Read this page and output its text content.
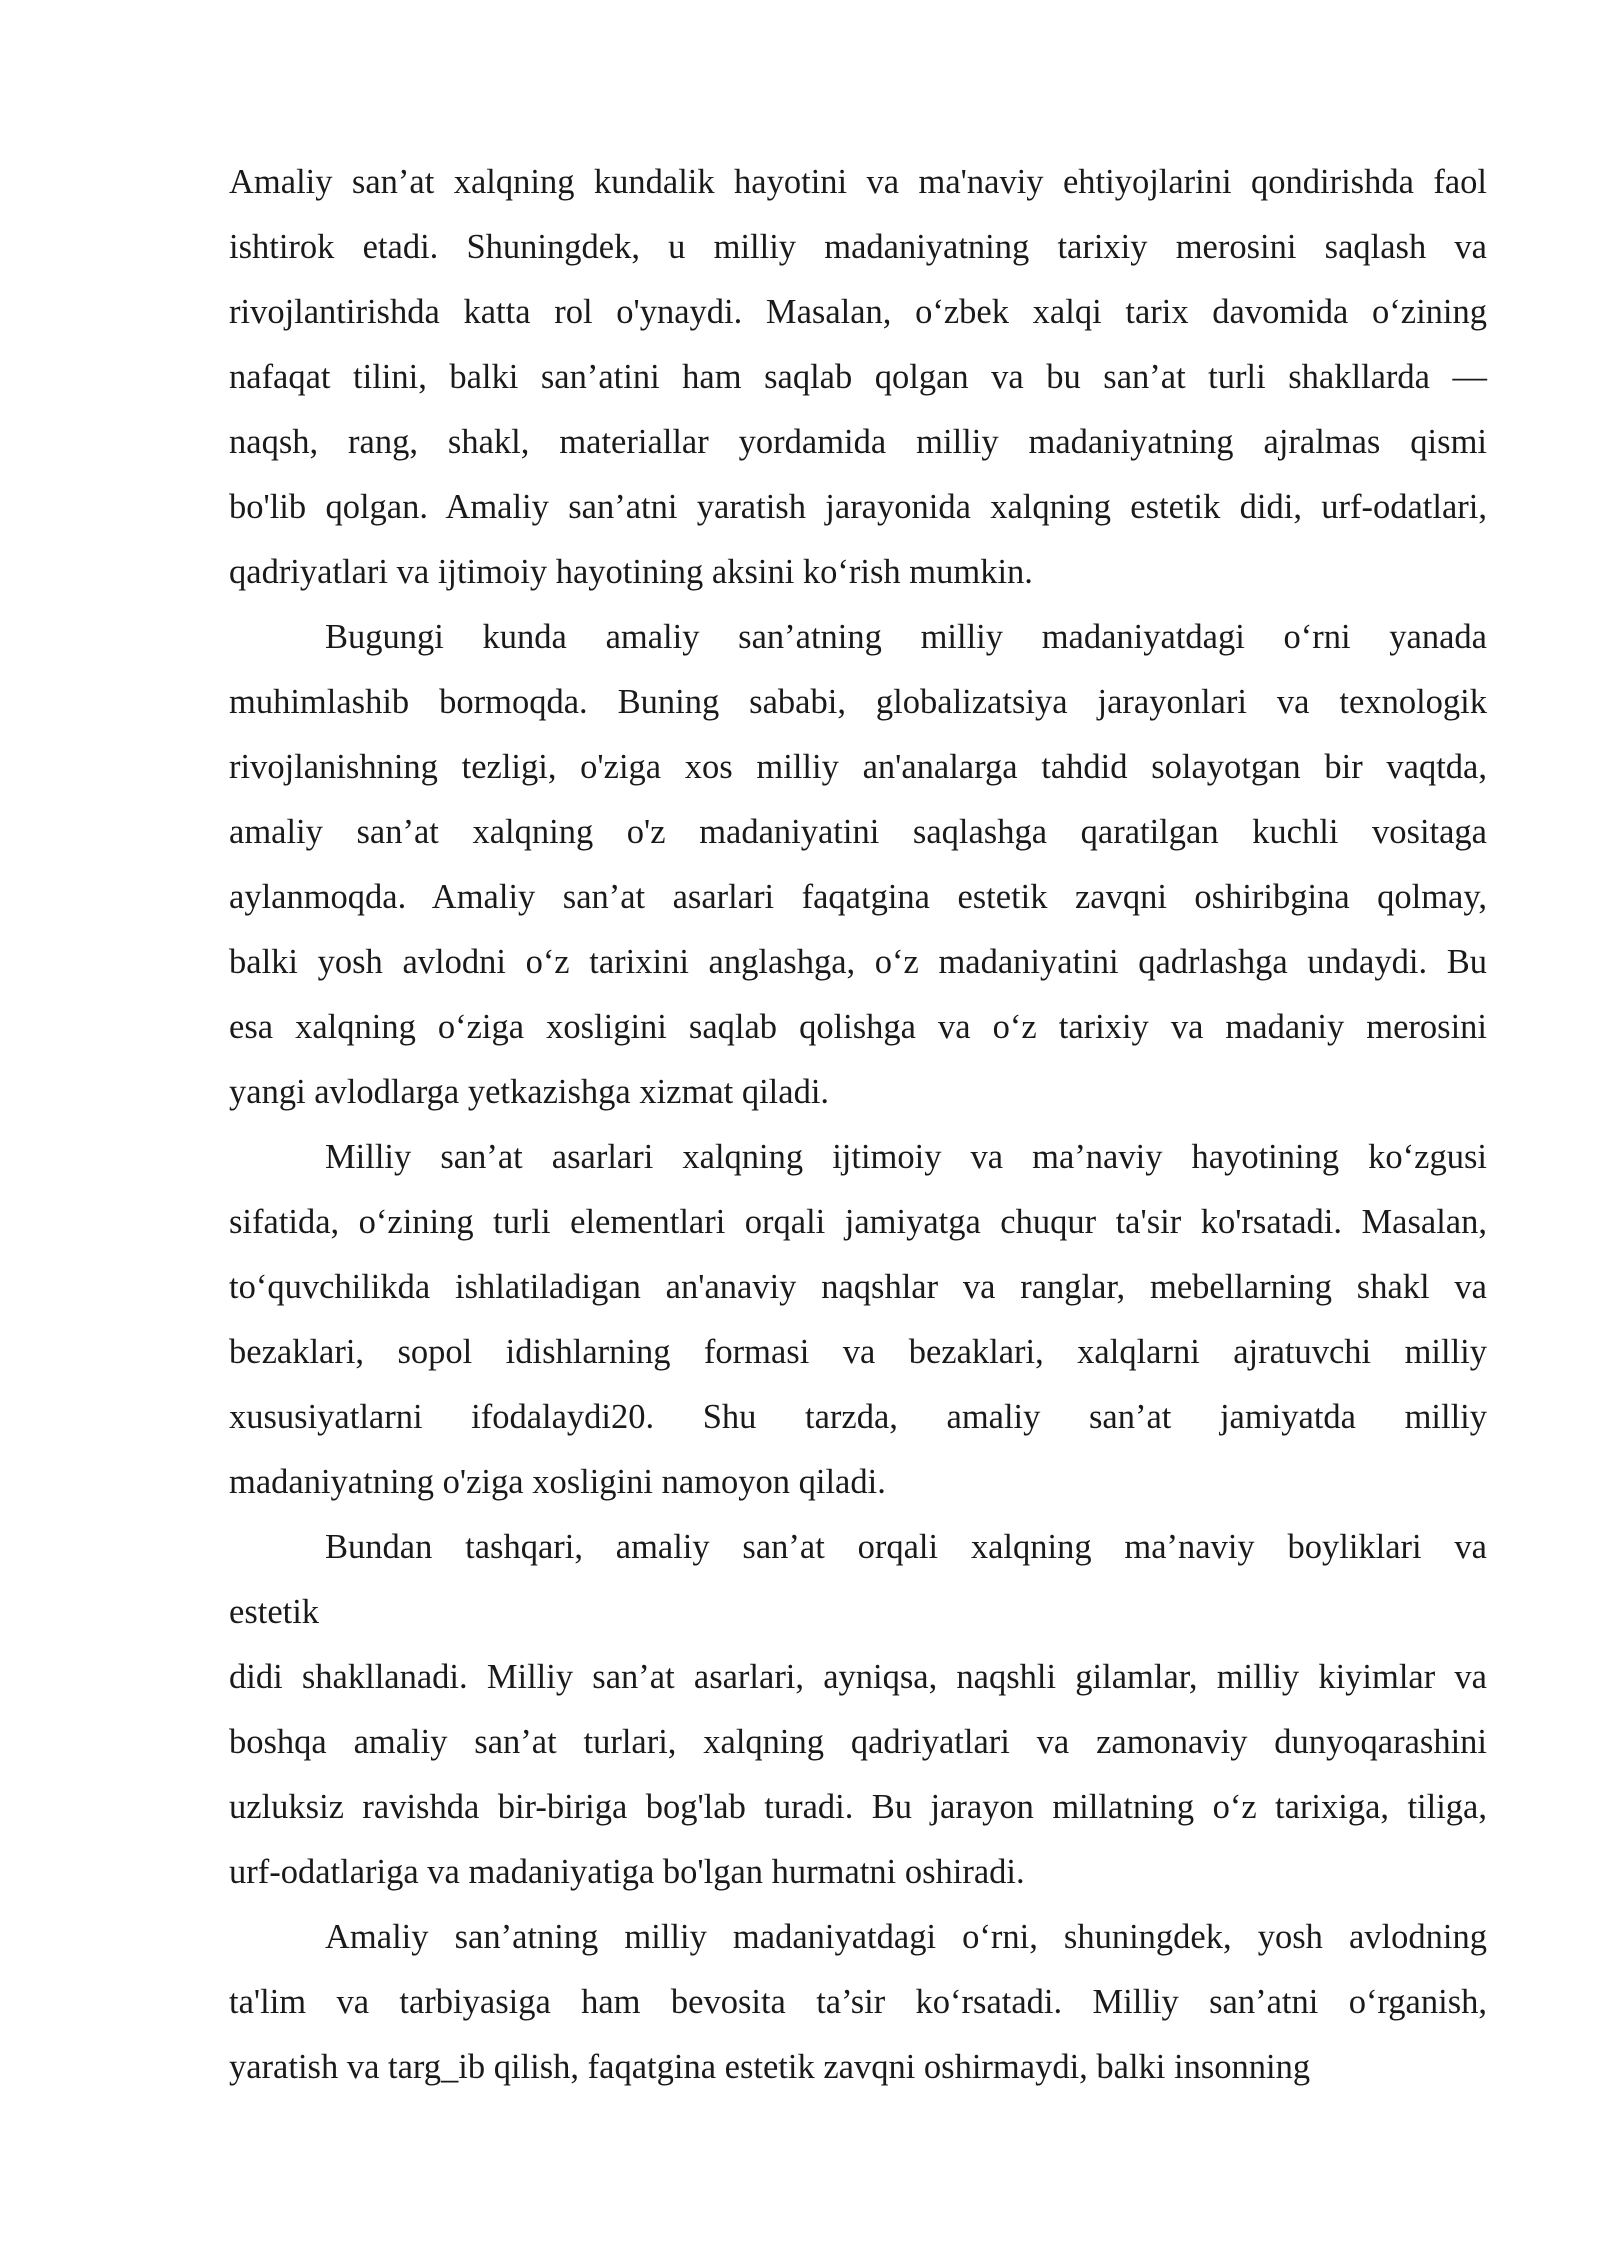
Amaliy san’at xalqning kundalik hayotini va ma'naviy ehtiyojlarini qondirishda faol
ishtirok etadi. Shuningdek, u milliy madaniyatning tarixiy merosini saqlash va
rivojlantirishda katta rol o'ynaydi. Masalan, o‘zbek xalqi tarix davomida o‘zining
nafaqat tilini, balki san’atini ham saqlab qolgan va bu san’at turli shakllarda —
naqsh, rang, shakl, materiallar yordamida milliy madaniyatning ajralmas qismi
bo'lib qolgan. Amaliy san’atni yaratish jarayonida xalqning estetik didi, urf-odatlari,
qadriyatlari va ijtimoiy hayotining aksini ko‘rish mumkin.
Bugungi kunda amaliy san’atning milliy madaniyatdagi o‘rni yanada
muhimlashib bormoqda. Buning sababi, globalizatsiya jarayonlari va texnologik
rivojlanishning tezligi, o'ziga xos milliy an'analarga tahdid solayotgan bir vaqtda,
amaliy san’at xalqning o'z madaniyatini saqlashga qaratilgan kuchli vositaga
aylanmoqda. Amaliy san’at asarlari faqatgina estetik zavqni oshiribgina qolmay,
balki yosh avlodni o‘z tarixini anglashga, o‘z madaniyatini qadrlashga undaydi. Bu
esa xalqning o‘ziga xosligini saqlab qolishga va o‘z tarixiy va madaniy merosini
yangi avlodlarga yetkazishga xizmat qiladi.
Milliy san’at asarlari xalqning ijtimoiy va ma’naviy hayotining ko‘zgusi
sifatida, o‘zining turli elementlari orqali jamiyatga chuqur ta'sir ko'rsatadi. Masalan,
to‘quvchilikda ishlatiladigan an'anaviy naqshlar va ranglar, mebellarning shakl va
bezaklari, sopol idishlarning formasi va bezaklari, xalqlarni ajratuvchi milliy
xususiyatlarni ifodalaydi20. Shu tarzda, amaliy san’at jamiyatda milliy
madaniyatning o'ziga xosligini namoyon qiladi.
Bundan tashqari, amaliy san’at orqali xalqning ma’naviy boyliklari va
estetik
didi shakllanadi. Milliy san’at asarlari, ayniqsa, naqshli gilamlar, milliy kiyimlar va
boshqa amaliy san’at turlari, xalqning qadriyatlari va zamonaviy dunyoqarashini
uzluksiz ravishda bir-biriga bog'lab turadi. Bu jarayon millatning o‘z tarixiga, tiliga,
urf-odatlariga va madaniyatiga bo'lgan hurmatni oshiradi.
Amaliy san’atning milliy madaniyatdagi o‘rni, shuningdek, yosh avlodning
ta'lim va tarbiyasiga ham bevosita ta’sir ko‘rsatadi. Milliy san’atni o‘rganish,
yaratish va targ_ib qilish, faqatgina estetik zavqni oshirmaydi, balki insonning
